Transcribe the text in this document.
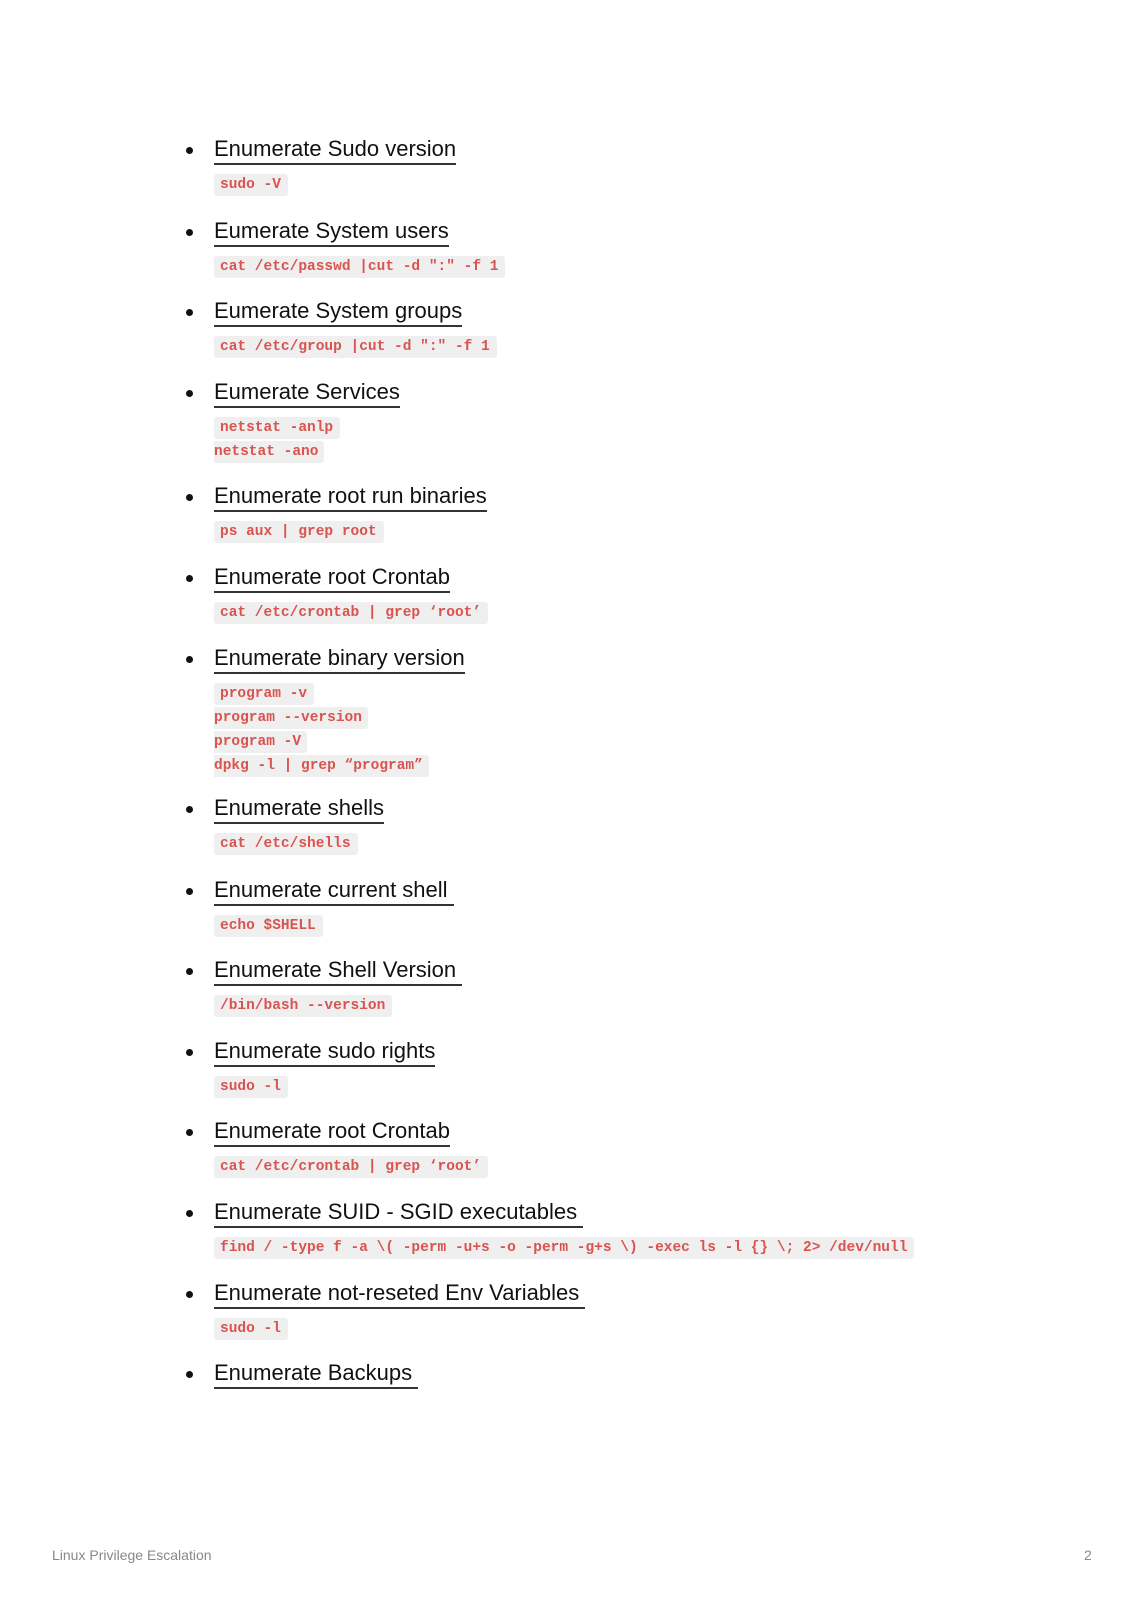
Enumerate Sudo version
sudo -V
Eumerate System users
cat /etc/passwd |cut -d ":" -f 1
Eumerate System groups
cat /etc/group |cut -d ":" -f 1
Eumerate Services
netstat -anlp
netstat -ano
Enumerate root run binaries
ps aux | grep root
Enumerate root Crontab
cat /etc/crontab | grep ‘root’
Enumerate binary version
program -v
program --version
program -V
dpkg -l | grep “program”
Enumerate shells
cat /etc/shells
Enumerate current shell
echo $SHELL
Enumerate Shell Version
/bin/bash --version
Enumerate sudo rights
sudo -l
Enumerate root Crontab
cat /etc/crontab | grep ‘root’
Enumerate SUID - SGID executables
find / -type f -a \( -perm -u+s -o -perm -g+s \) -exec ls -l {} \; 2> /dev/null
Enumerate not-reseted Env Variables
sudo -l
Enumerate Backups
Linux Privilege Escalation	2
